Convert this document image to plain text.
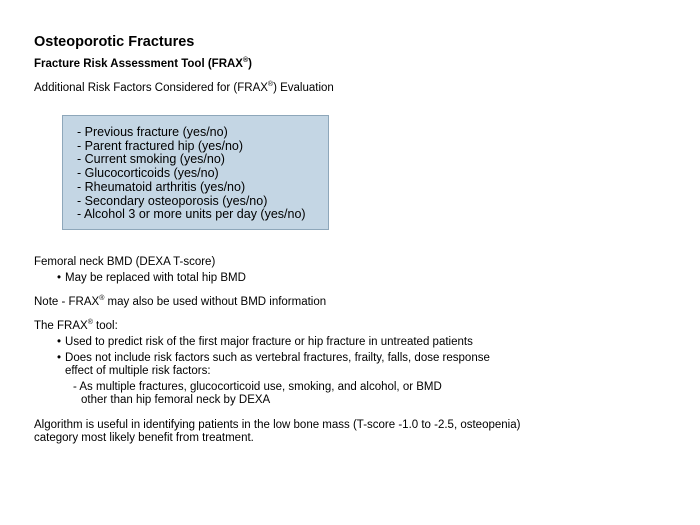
Osteoporotic Fractures
Fracture Risk Assessment Tool (FRAX®)
Additional Risk Factors Considered for (FRAX®) Evaluation
- Previous fracture (yes/no)
- Parent fractured hip (yes/no)
- Current smoking (yes/no)
- Glucocorticoids (yes/no)
- Rheumatoid arthritis (yes/no)
- Secondary osteoporosis (yes/no)
- Alcohol 3 or more units per day (yes/no)
Femoral neck BMD (DEXA T-score)
• May be replaced with total hip BMD
Note - FRAX® may also be used without BMD information
The FRAX® tool:
• Used to predict risk of the first major fracture or hip fracture in untreated patients
• Does not include risk factors such as vertebral fractures, frailty, falls, dose response
effect of multiple risk factors:
- As multiple fractures, glucocorticoid use, smoking, and alcohol, or BMD
other than hip femoral neck by DEXA
Algorithm is useful in identifying patients in the low bone mass (T-score -1.0 to -2.5, osteopenia)
category most likely benefit from treatment.
